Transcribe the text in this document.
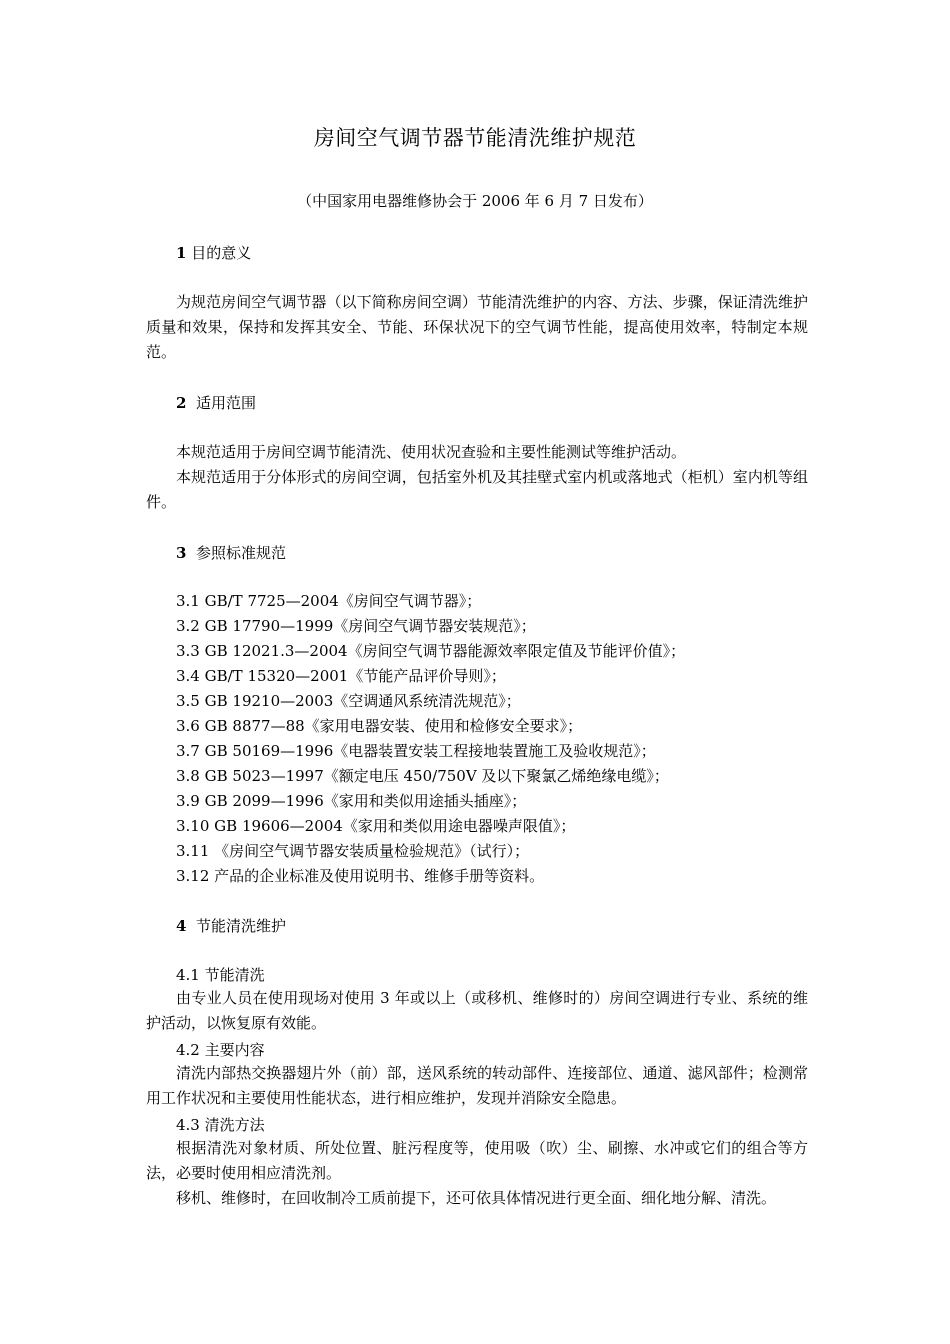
房间空气调节器节能清洗维护规范
（中国家用电器维修协会于 2006 年 6 月 7 日发布）
1 目的意义
为规范房间空气调节器（以下简称房间空调）节能清洗维护的内容、方法、步骤，保证清洗维护质量和效果，保持和发挥其安全、节能、环保状况下的空气调节性能，提高使用效率，特制定本规范。
2 适用范围
本规范适用于房间空调节能清洗、使用状况查验和主要性能测试等维护活动。
本规范适用于分体形式的房间空调，包括室外机及其挂壁式室内机或落地式（柜机）室内机等组件。
3 参照标准规范
3.1 GB/T 7725—2004《房间空气调节器》；
3.2 GB 17790—1999《房间空气调节器安装规范》；
3.3 GB 12021.3—2004《房间空气调节器能源效率限定值及节能评价值》；
3.4 GB/T 15320—2001《节能产品评价导则》；
3.5 GB 19210—2003《空调通风系统清洗规范》；
3.6 GB 8877—88《家用电器安装、使用和检修安全要求》；
3.7 GB 50169—1996《电器装置安装工程接地装置施工及验收规范》；
3.8 GB 5023—1997《额定电压 450/750V 及以下聚氯乙烯绝缘电缆》；
3.9 GB 2099—1996《家用和类似用途插头插座》；
3.10 GB 19606—2004《家用和类似用途电器噪声限值》；
3.11 《房间空气调节器安装质量检验规范》（试行）；
3.12 产品的企业标准及使用说明书、维修手册等资料。
4 节能清洗维护
4.1 节能清洗
由专业人员在使用现场对使用 3 年或以上（或移机、维修时的）房间空调进行专业、系统的维护活动，以恢复原有效能。
4.2 主要内容
清洗内部热交换器翅片外（前）部，送风系统的转动部件、连接部位、通道、滤风部件；检测常用工作状况和主要使用性能状态，进行相应维护，发现并消除安全隐患。
4.3 清洗方法
根据清洗对象材质、所处位置、脏污程度等，使用吸（吹）尘、刷擦、水冲或它们的组合等方法，必要时使用相应清洗剂。
移机、维修时，在回收制冷工质前提下，还可依具体情况进行更全面、细化地分解、清洗。
